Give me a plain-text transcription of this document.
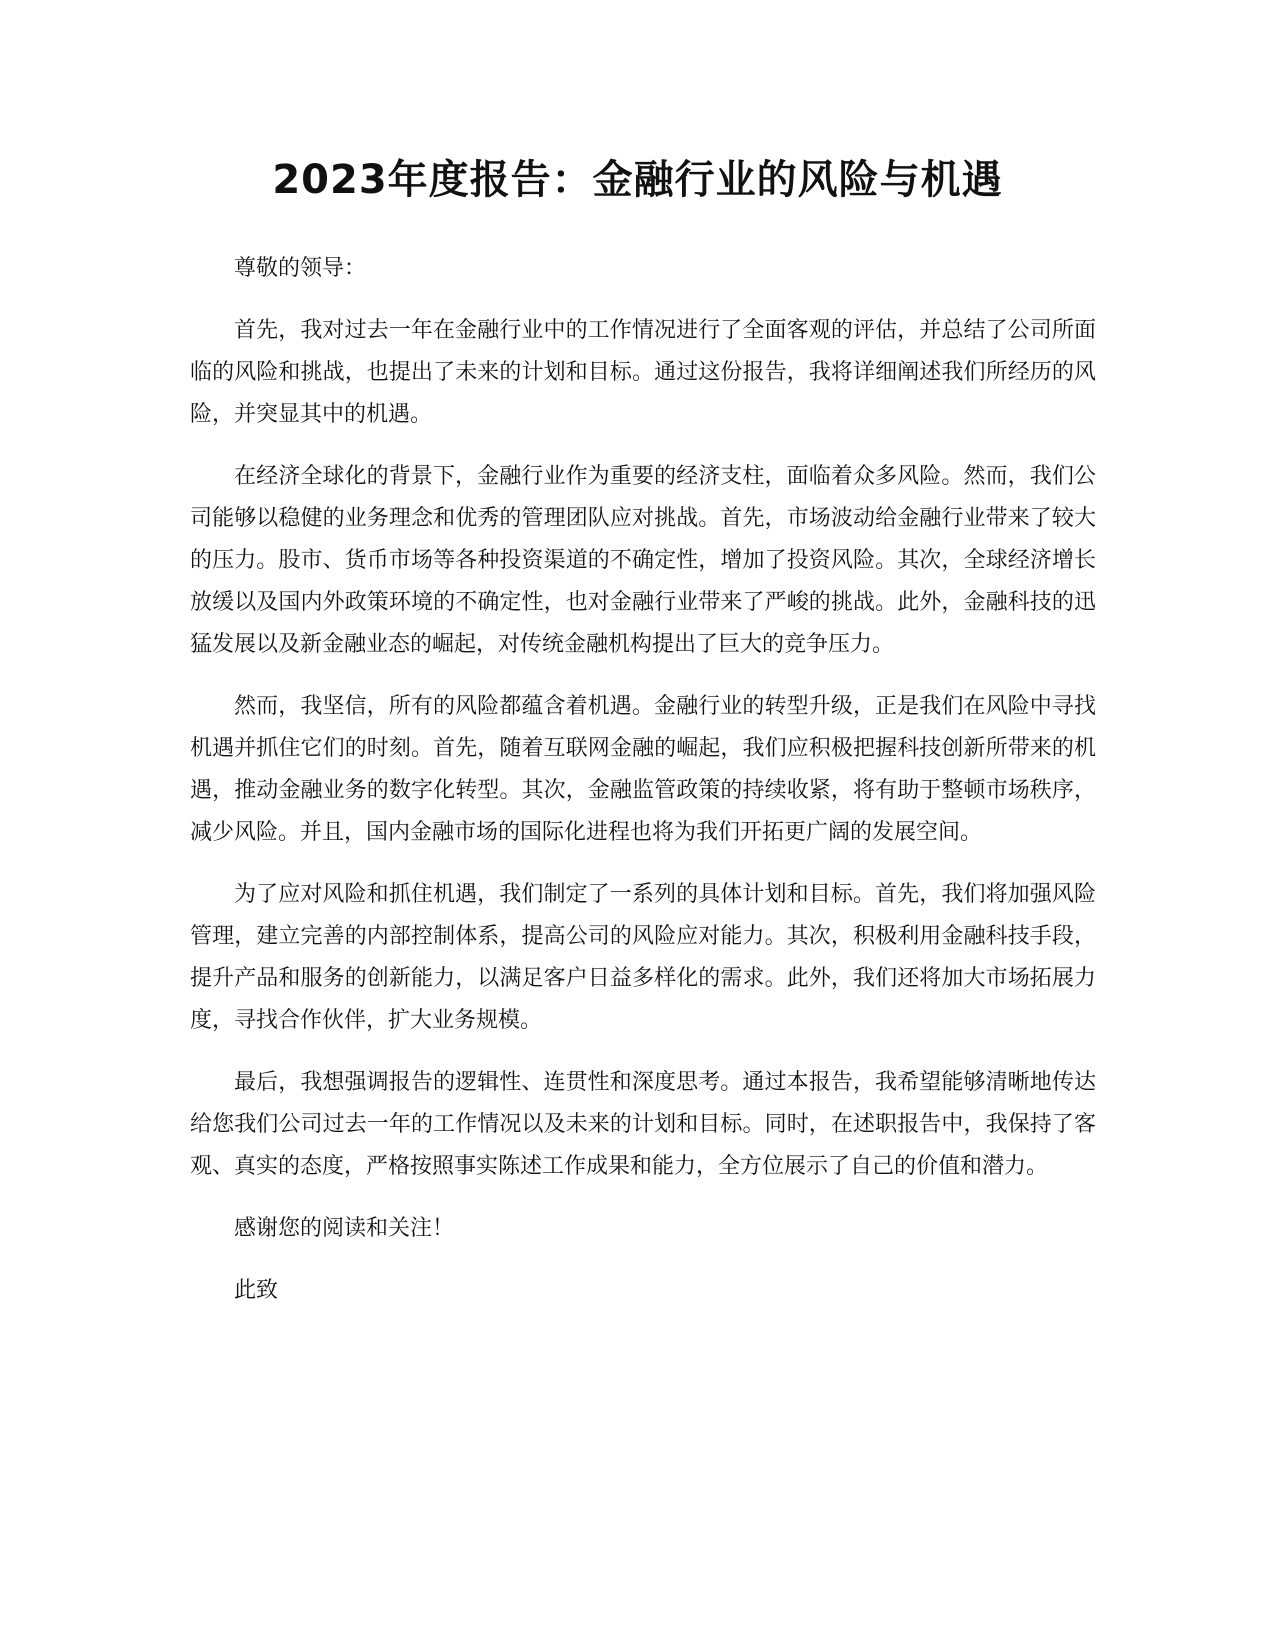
2023年度报告：金融行业的风险与机遇

尊敬的领导：

首先，我对过去一年在金融行业中的工作情况进行了全面客观的评估，并总结了公司所面临的风险和挑战，也提出了未来的计划和目标。通过这份报告，我将详细阐述我们所经历的风险，并突显其中的机遇。

在经济全球化的背景下，金融行业作为重要的经济支柱，面临着众多风险。然而，我们公司能够以稳健的业务理念和优秀的管理团队应对挑战。首先，市场波动给金融行业带来了较大的压力。股市、货币市场等各种投资渠道的不确定性，增加了投资风险。其次，全球经济增长放缓以及国内外政策环境的不确定性，也对金融行业带来了严峻的挑战。此外，金融科技的迅猛发展以及新金融业态的崛起，对传统金融机构提出了巨大的竞争压力。

然而，我坚信，所有的风险都蕴含着机遇。金融行业的转型升级，正是我们在风险中寻找机遇并抓住它们的时刻。首先，随着互联网金融的崛起，我们应积极把握科技创新所带来的机遇，推动金融业务的数字化转型。其次，金融监管政策的持续收紧，将有助于整顿市场秩序，减少风险。并且，国内金融市场的国际化进程也将为我们开拓更广阔的发展空间。

为了应对风险和抓住机遇，我们制定了一系列的具体计划和目标。首先，我们将加强风险管理，建立完善的内部控制体系，提高公司的风险应对能力。其次，积极利用金融科技手段，提升产品和服务的创新能力，以满足客户日益多样化的需求。此外，我们还将加大市场拓展力度，寻找合作伙伴，扩大业务规模。

最后，我想强调报告的逻辑性、连贯性和深度思考。通过本报告，我希望能够清晰地传达给您我们公司过去一年的工作情况以及未来的计划和目标。同时，在述职报告中，我保持了客观、真实的态度，严格按照事实陈述工作成果和能力，全方位展示了自己的价值和潜力。

感谢您的阅读和关注！

此致
